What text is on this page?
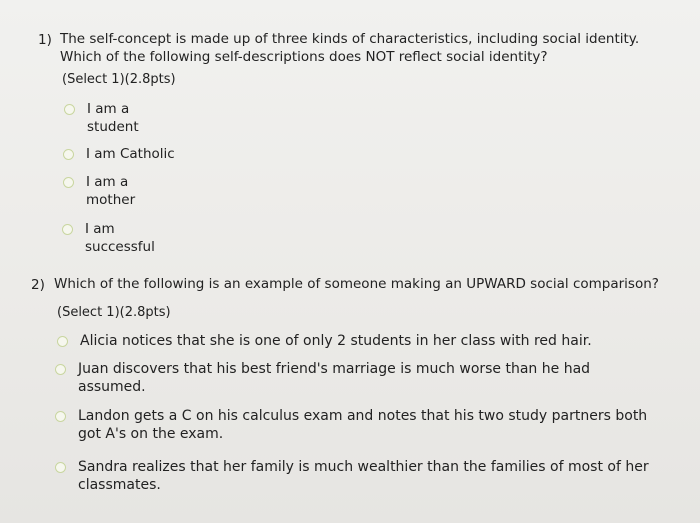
1) The self-concept is made up of three kinds of characteristics, including social identity.
Which of the following self-descriptions does NOT reflect social identity?
(Select 1)(2.8pts)
I am a
student
I am Catholic
I am a
mother
I am
successful
2) Which of the following is an example of someone making an UPWARD social comparison?
(Select 1)(2.8pts)
Alicia notices that she is one of only 2 students in her class with red hair.
Juan discovers that his best friend's marriage is much worse than he had
assumed.
Landon gets a C on his calculus exam and notes that his two study partners both
got A's on the exam.
Sandra realizes that her family is much wealthier than the families of most of her
classmates.
